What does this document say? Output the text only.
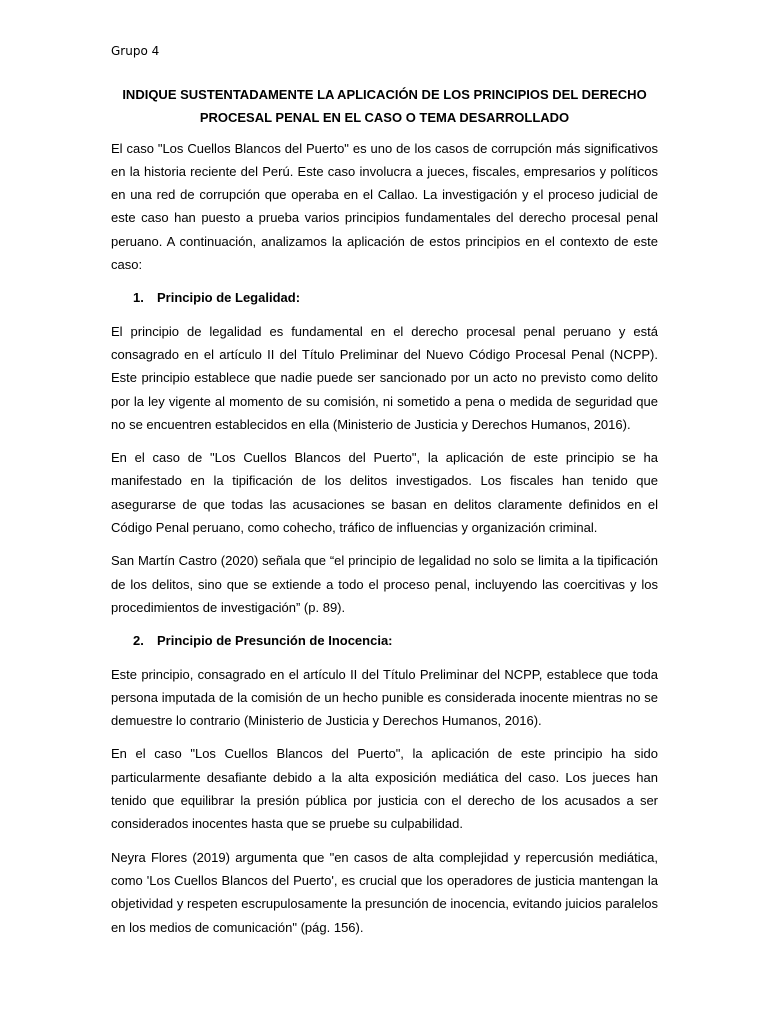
Grupo 4
INDIQUE SUSTENTADAMENTE LA APLICACIÓN DE LOS PRINCIPIOS DEL DERECHO
PROCESAL PENAL EN EL CASO O TEMA DESARROLLADO

El caso "Los Cuellos Blancos del Puerto" es uno de los casos de corrupción más significativos en la historia reciente del Perú. Este caso involucra a jueces, fiscales, empresarios y políticos en una red de corrupción que operaba en el Callao. La investigación y el proceso judicial de este caso han puesto a prueba varios principios fundamentales del derecho procesal penal peruano. A continuación, analizamos la aplicación de estos principios en el contexto de este caso:

1. Principio de Legalidad:

El principio de legalidad es fundamental en el derecho procesal penal peruano y está consagrado en el artículo II del Título Preliminar del Nuevo Código Procesal Penal (NCPP). Este principio establece que nadie puede ser sancionado por un acto no previsto como delito por la ley vigente al momento de su comisión, ni sometido a pena o medida de seguridad que no se encuentren establecidos en ella (Ministerio de Justicia y Derechos Humanos, 2016).

En el caso de "Los Cuellos Blancos del Puerto", la aplicación de este principio se ha manifestado en la tipificación de los delitos investigados. Los fiscales han tenido que asegurarse de que todas las acusaciones se basan en delitos claramente definidos en el Código Penal peruano, como cohecho, tráfico de influencias y organización criminal.

San Martín Castro (2020) señala que “el principio de legalidad no solo se limita a la tipificación de los delitos, sino que se extiende a todo el proceso penal, incluyendo las coercitivas y los procedimientos de investigación” (p. 89).

2. Principio de Presunción de Inocencia:

Este principio, consagrado en el artículo II del Título Preliminar del NCPP, establece que toda persona imputada de la comisión de un hecho punible es considerada inocente mientras no se demuestre lo contrario (Ministerio de Justicia y Derechos Humanos, 2016).

En el caso "Los Cuellos Blancos del Puerto", la aplicación de este principio ha sido particularmente desafiante debido a la alta exposición mediática del caso. Los jueces han tenido que equilibrar la presión pública por justicia con el derecho de los acusados a ser considerados inocentes hasta que se pruebe su culpabilidad.

Neyra Flores (2019) argumenta que "en casos de alta complejidad y repercusión mediática, como 'Los Cuellos Blancos del Puerto', es crucial que los operadores de justicia mantengan la objetividad y respeten escrupulosamente la presunción de inocencia, evitando juicios paralelos en los medios de comunicación" (pág. 156).
